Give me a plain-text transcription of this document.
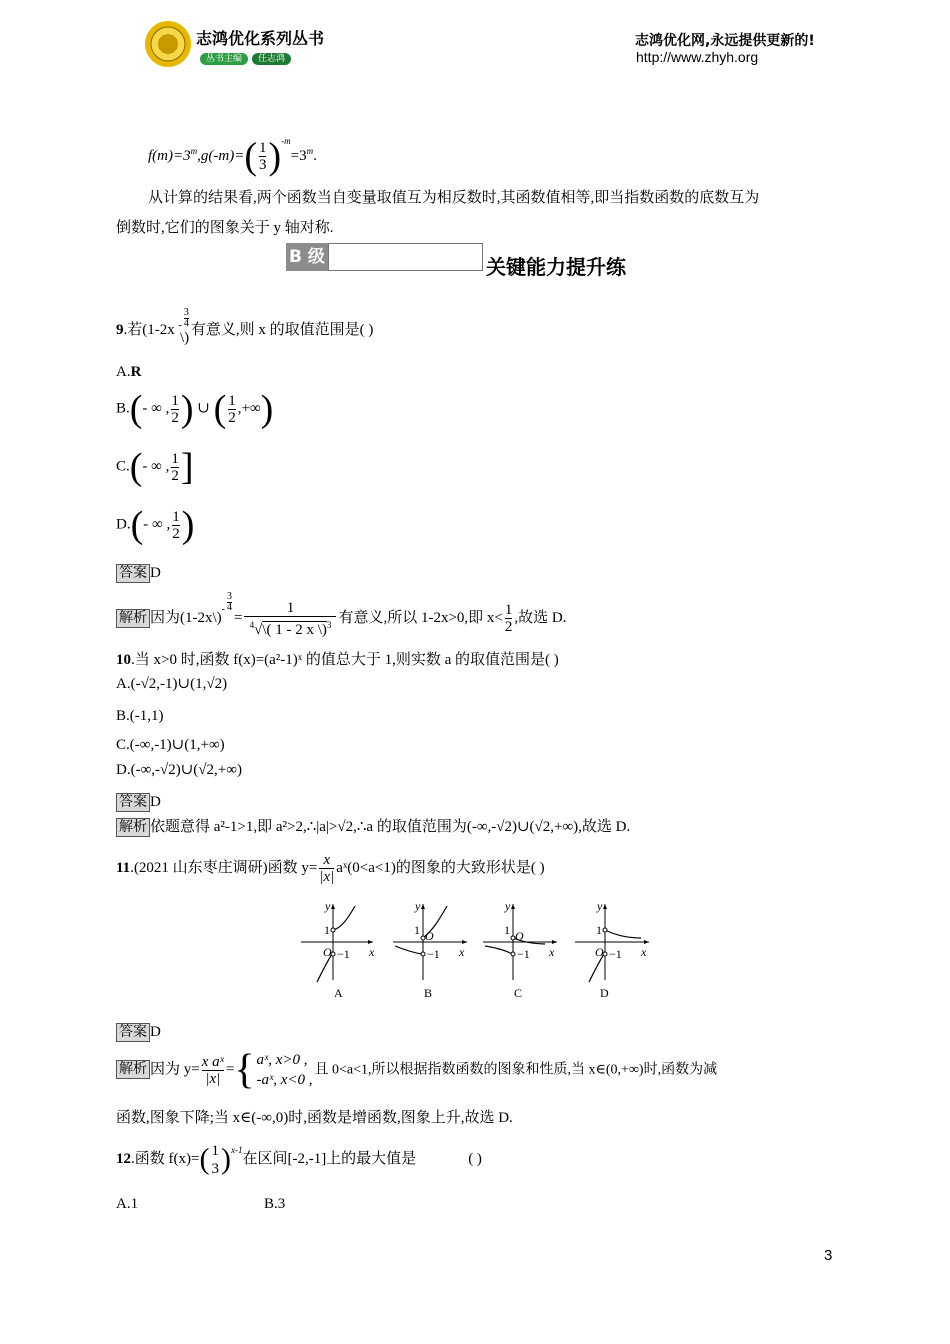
志鸿优化系列丛书
丛书主编 任志鸿
志鸿优化网,永远提供更新的!
http://www.zhyh.org
$f(m)=3^m,g(-m)=( \frac{1}{3} )^{-m}=3^m$.
从计算的结果看,两个函数当自变量取值互为相反数时,其函数值相等,即当指数函数的底数互为
倒数时,它们的图象关于 y 轴对称.
B 级	关键能力提升练
9.若(1-2x $^- \frac{3}{4}$
有意义,则 x 的取值范围是( )
\)
A.R
B.(- ∞ , $\frac{1}{2}$ ) ∪ ( $\frac{1}{2}$ ,+∞)
C.(- ∞ , $\frac{1}{2}$ ]
D.(- ∞ , $\frac{1}{2}$ )
答案 D
解析 因为(1-2x\)- $\frac{3}{4}$
= $\frac{1}{^4√\backslash( 1 - 2 x \backslash)^3}$ 有意义,所以 1-2x>0,即 $x< \frac{1}{2}$ ,故选 D.
10.当 x>0 时,函数 f(x)=(a²-1)ˣ 的值总大于 1,则实数 a 的取值范围是( )
A.(-√2,-1)∪(1,√2)
B.(-1,1)
C.(-∞,-1)∪(1,+∞)
D.(-∞,-√2)∪(√2,+∞)
答案 D
解析 依题意得 a²-1>1,即 a²>2,∴|a|>√2,∴a 的取值范围为(-∞,-√2)∪(√2,+∞),故选 D.
11.(2021 山东枣庄调研)函数 $y= \frac{x}{|x|}$ aˣ(0<a<1)的图象的大致形状是( )
y
x
O
1
−1
A
y
x
O
1
−1
B
y
x
O
1
−1
C
y
x
O
1
−1
D
答案 D
解析 因为 $y= \frac{\text{x aˣ}}{|x|}$ ={ aˣ, x>0 ,
-aˣ, x<0 ,
且 0<a<1,所以根据指数函数的图象和性质,当 x∈(0,+∞)时,函数为减
函数,图象下降;当 x∈(-∞,0)时,函数是增函数,图象上升,故选 D.
12.函数 f(x)=( 1
3 )$^{x-1}$在区间[-2,-1]上的最大值是	( )
A.1	B.3
3
